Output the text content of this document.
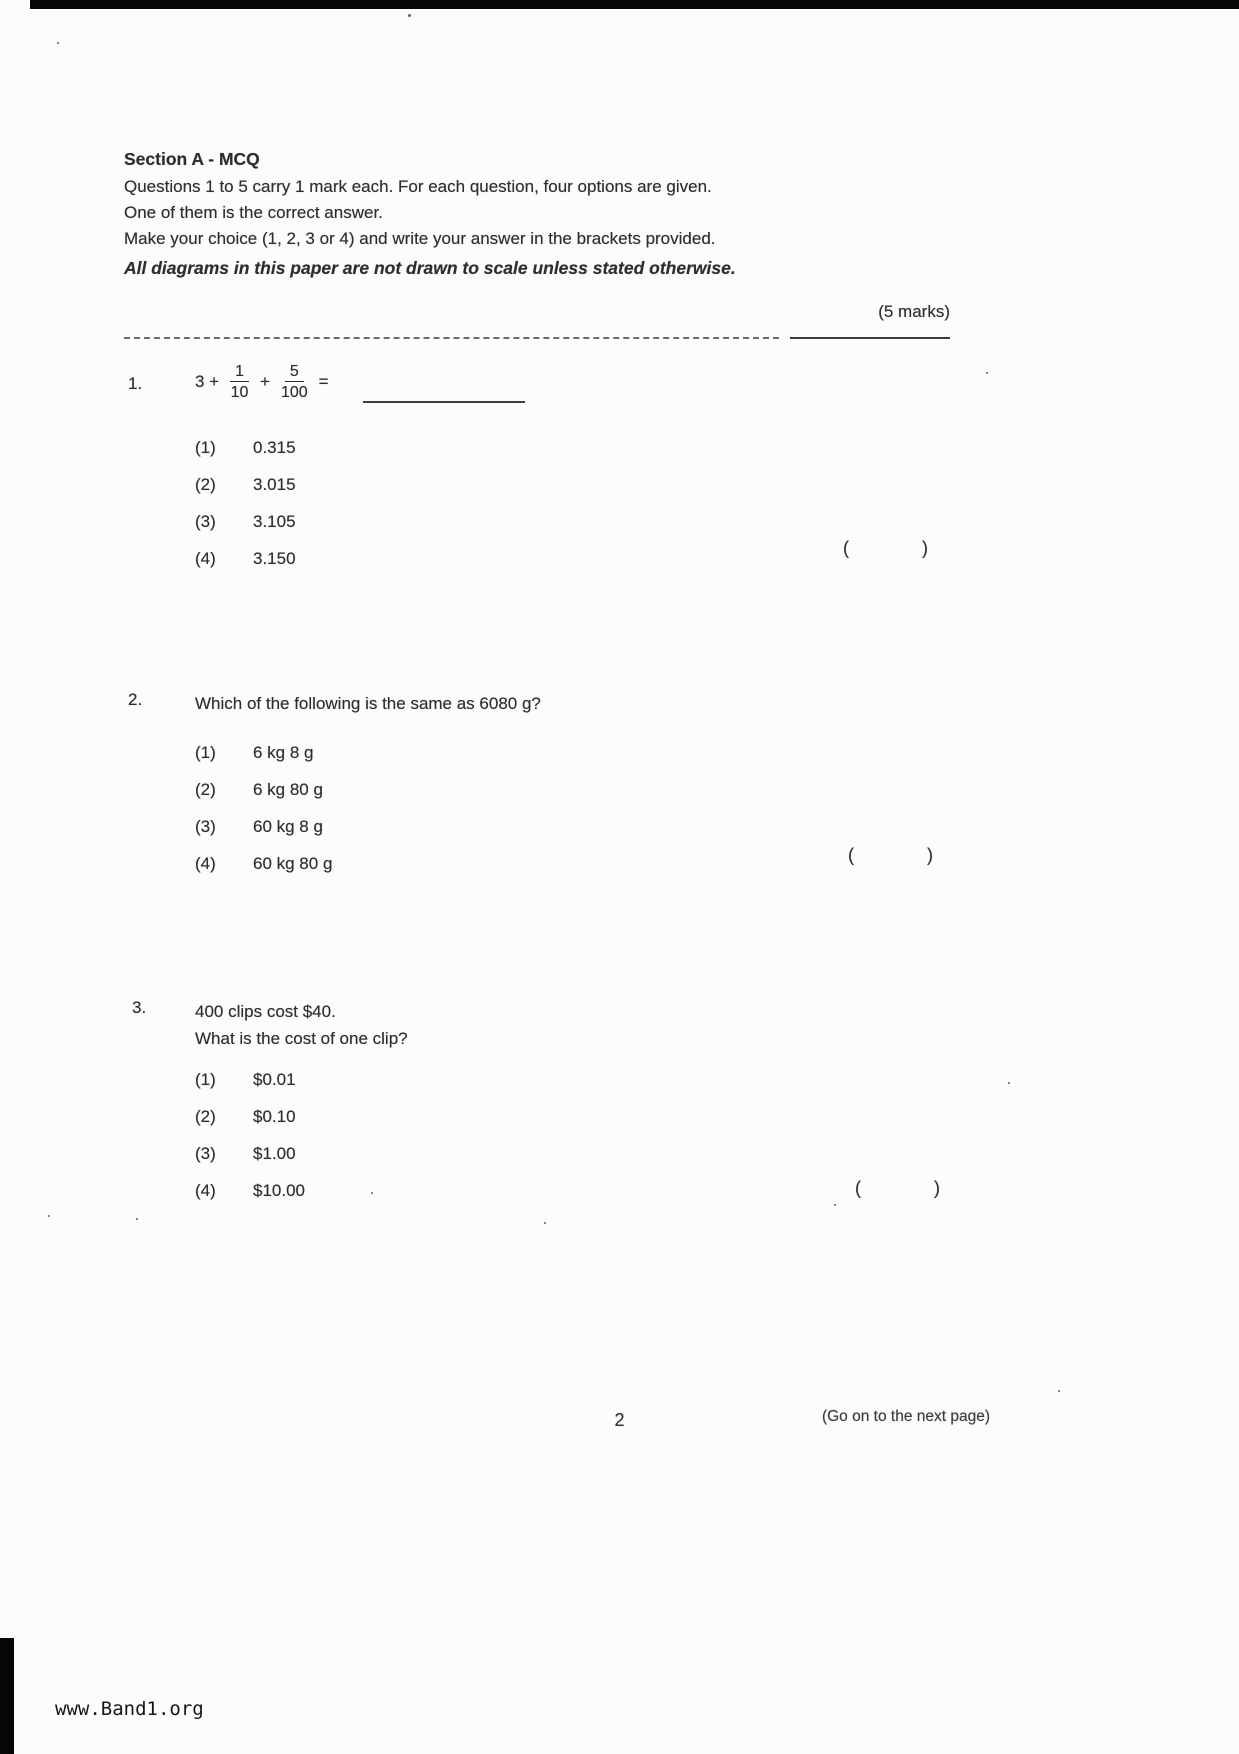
Section A - MCQ
Questions 1 to 5 carry 1 mark each. For each question, four options are given.
One of them is the correct answer.
Make your choice (1, 2, 3 or 4) and write your answer in the brackets provided.
All diagrams in this paper are not drawn to scale unless stated otherwise.
(5 marks)
1.	$3 + \frac{1}{10} + \frac{5}{100}$ =
(1)	0.315
(2)	3.015
(3)	3.105
(4)	3.150
(	)
2.	Which of the following is the same as 6080 g?
(1)	6 kg 8 g
(2)	6 kg 80 g
(3)	60 kg 8 g
(4)	60 kg 80 g	(	)
3.	400 clips cost $40.
What is the cost of one clip?
(1)	$0.01
(2)	$0.10
(3)	$1.00
(4)	$10.00	(	)
2	(Go on to the next page)
www.Band1.org
